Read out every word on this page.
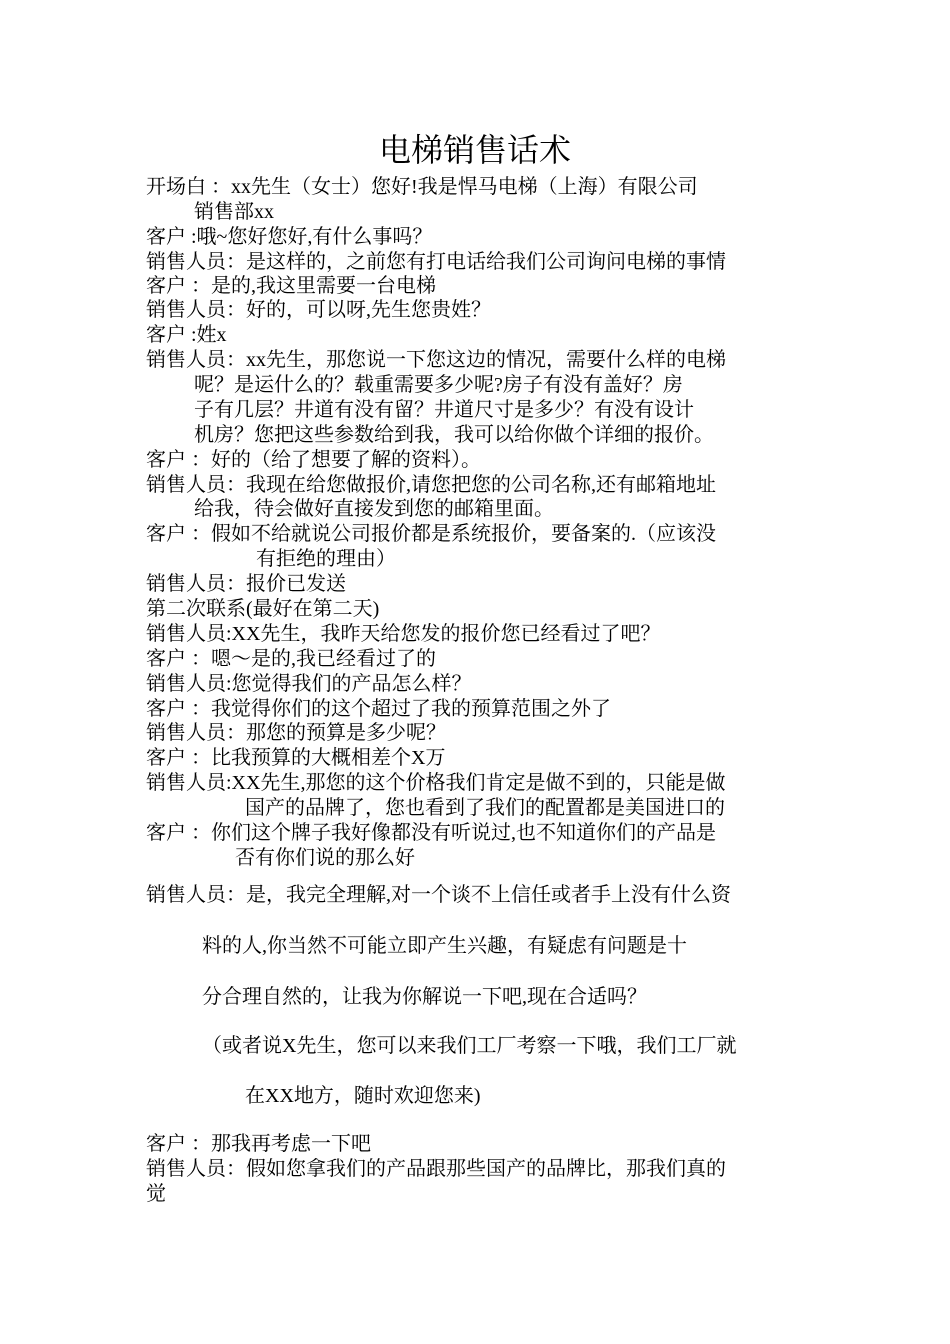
电梯销售话术
开场白 ：xx先生（女士）您好!我是悍马电梯（上海）有限公司
销售部xx
客户 :哦~您好您好,有什么事吗？
销售人员：是这样的，之前您有打电话给我们公司询问电梯的事情
客户 ：是的,我这里需要一台电梯
销售人员：好的，可以呀,先生您贵姓？
客户 :姓x
销售人员：xx先生，那您说一下您这边的情况，需要什么样的电梯
呢？是运什么的？载重需要多少呢?房子有没有盖好？房
子有几层？井道有没有留？井道尺寸是多少？有没有设计
机房？您把这些参数给到我，我可以给你做个详细的报价。
客户 ：好的（给了想要了解的资料）。
销售人员：我现在给您做报价,请您把您的公司名称,还有邮箱地址
给我，待会做好直接发到您的邮箱里面。
客户 ：假如不给就说公司报价都是系统报价，要备案的.（应该没
有拒绝的理由）
销售人员：报价已发送
第二次联系(最好在第二天)
销售人员:XX先生，我昨天给您发的报价您已经看过了吧？
客户 ：嗯～是的,我已经看过了的
销售人员:您觉得我们的产品怎么样？
客户 ：我觉得你们的这个超过了我的预算范围之外了
销售人员：那您的预算是多少呢？
客户 ：比我预算的大概相差个X万
销售人员:XX先生,那您的这个价格我们肯定是做不到的，只能是做
国产的品牌了，您也看到了我们的配置都是美国进口的
客户 ：你们这个牌子我好像都没有听说过,也不知道你们的产品是
否有你们说的那么好
销售人员：是，我完全理解,对一个谈不上信任或者手上没有什么资
料的人,你当然不可能立即产生兴趣，有疑虑有问题是十
分合理自然的，让我为你解说一下吧,现在合适吗？
（或者说X先生，您可以来我们工厂考察一下哦，我们工厂就
在XX地方，随时欢迎您来)
客户 ：那我再考虑一下吧
销售人员：假如您拿我们的产品跟那些国产的品牌比，那我们真的
觉
